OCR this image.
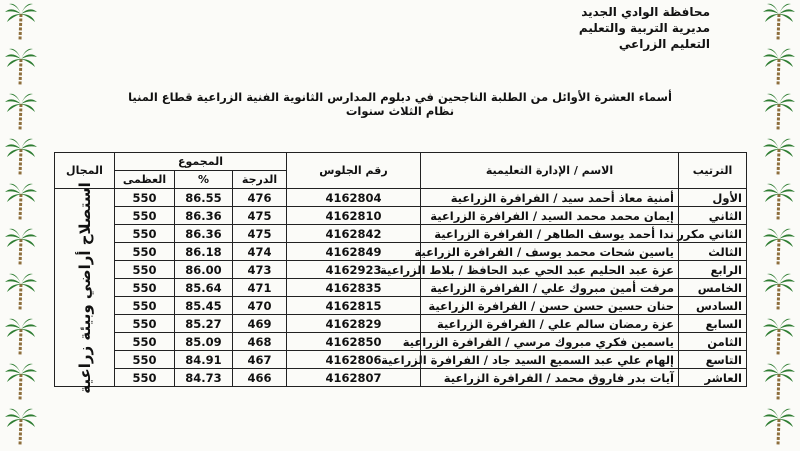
محافظة الوادي الجديد
مديرية التربية والتعليم
التعليم الزراعي
أسماء العشرة الأوائل من الطلبة الناجحين في دبلوم المدارس الثانوية الفنية الزراعية قطاع المنيا نظام الثلاث سنوات
المجال	المجموع			رقم الجلوس	الاسم / الإدارة التعليمية	الترتيب
	العظمى	%	الدرجة			

استصلاح أراضي وبيئة زراعية	550	86.55	476	4162804	أمنية معاذ أحمد سيد / الفرافرة الزراعية	الأول
	550	86.36	475	4162810	إيمان محمد محمد السيد / الفرافرة الزراعية	الثاني
	550	86.36	475	4162842	ندا أحمد يوسف الطاهر / الفرافرة الزراعية	الثاني مكرر
	550	86.18	474	4162849	ياسين شحات محمد يوسف / الفرافرة الزراعية	الثالث
	550	86.00	473	4162923	عزة عبد الحليم عبد الحي عبد الحافظ / بلاط الزراعية	الرابع
	550	85.64	471	4162835	مرفت أمين مبروك علي / الفرافرة الزراعية	الخامس
	550	85.45	470	4162815	حنان حسين حسن حسن / الفرافرة الزراعية	السادس
	550	85.27	469	4162829	عزة رمضان سالم علي / الفرافرة الزراعية	السابع
	550	85.09	468	4162850	ياسمين فكري مبروك مرسي / الفرافرة الزراعية	الثامن
	550	84.91	467	4162806	إلهام علي عبد السميع السيد جاد / الفرافرة الزراعية	التاسع
	550	84.73	466	4162807	آيات بدر فاروق محمد / الفرافرة الزراعية	العاشر
